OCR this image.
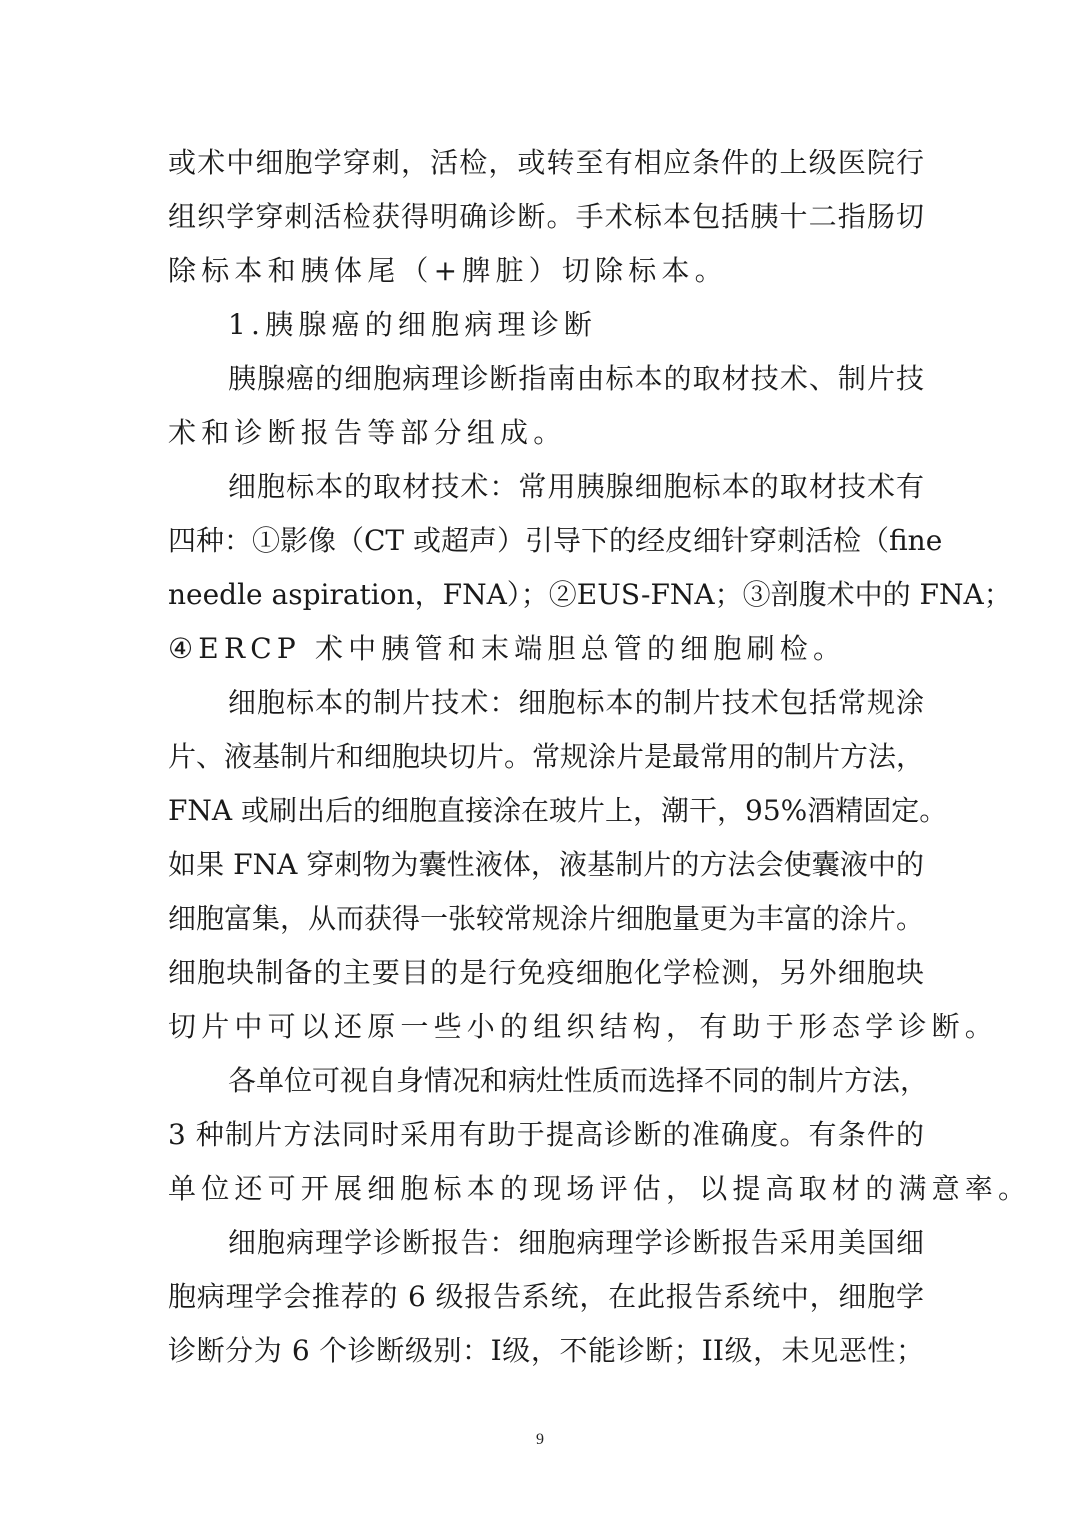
或术中细胞学穿刺，活检，或转至有相应条件的上级医院行
组织学穿刺活检获得明确诊断。手术标本包括胰十二指肠切
除标本和胰体尾（+脾脏）切除标本。
1.胰腺癌的细胞病理诊断
胰腺癌的细胞病理诊断指南由标本的取材技术、制片技
术和诊断报告等部分组成。
细胞标本的取材技术：常用胰腺细胞标本的取材技术有
四种：①影像（CT 或超声）引导下的经皮细针穿刺活检（fine
needle aspiration，FNA）；②EUS-FNA；③剖腹术中的 FNA；
④ERCP 术中胰管和末端胆总管的细胞刷检。
细胞标本的制片技术：细胞标本的制片技术包括常规涂
片、液基制片和细胞块切片。常规涂片是最常用的制片方法，
FNA 或刷出后的细胞直接涂在玻片上，潮干，95%酒精固定。
如果 FNA 穿刺物为囊性液体，液基制片的方法会使囊液中的
细胞富集，从而获得一张较常规涂片细胞量更为丰富的涂片。
细胞块制备的主要目的是行免疫细胞化学检测，另外细胞块
切片中可以还原一些小的组织结构，有助于形态学诊断。
各单位可视自身情况和病灶性质而选择不同的制片方法，
3 种制片方法同时采用有助于提高诊断的准确度。有条件的
单位还可开展细胞标本的现场评估，以提高取材的满意率。
细胞病理学诊断报告：细胞病理学诊断报告采用美国细
胞病理学会推荐的 6 级报告系统，在此报告系统中，细胞学
诊断分为 6 个诊断级别：I级，不能诊断；II级，未见恶性；
9
